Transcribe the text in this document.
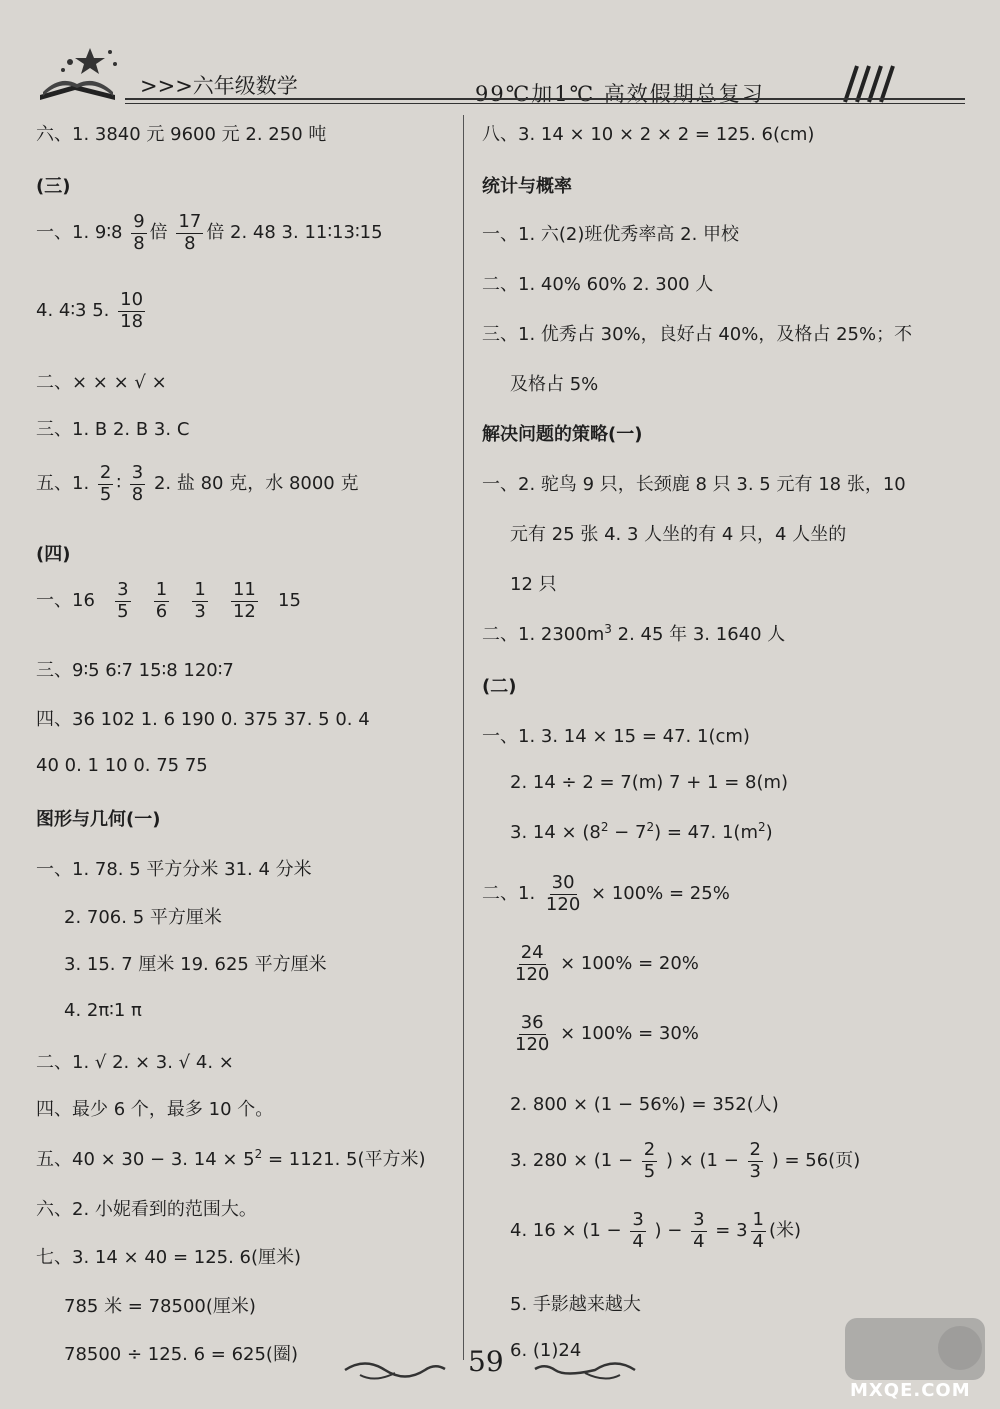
>>>六年级数学	99℃加1℃ 高效假期总复习
六、1. 3840 元 9600 元 2. 250 吨
(三)
一、1. 9∶8 $\frac{9}{8}$ 倍 $\frac{17}{8}$ 倍 2. 48 3. 11∶13∶15
4. 4∶3 5. $\frac{10}{18}$
二、× × × √ ×
三、1. B 2. B 3. C
五、1. $\frac{2}{5}$ ∶ $\frac{3}{8} 2$. 盐 80 克，水 8000 克
(四)
一、$16 \frac{3}{5}$
$\frac{1}{6}$
$\frac{1}{3}$
$\frac{11}{12} 15$
三、9∶5 6∶7 15∶8 120∶7
四、36 102 1. 6 190 0. 375 37. 5 0. 4
40 0. 1 10 0. 75 75
图形与几何(一)
一、1. 78. 5 平方分米 31. 4 分米
2. 706. 5 平方厘米
3. 15. 7 厘米 19. 625 平方厘米
4. 2π∶1 π
二、1. √ 2. × 3. √ 4. ×
四、最少 6 个，最多 10 个。
五、40 × 30 − 3. $14 \times 5^2 = 1121$. 5(平方米)
六、2. 小妮看到的范围大。
七、3. 14 × 40 = 125. 6(厘米)
785 米 = 78500(厘米)
78500 ÷ 125. 6 = 625(圈)
八、3. 14 × 10 × 2 × 2 = 125. 6(cm)
统计与概率
一、1. 六(2)班优秀率高 2. 甲校
二、1. 40% 60% 2. 300 人
三、1. 优秀占 30%，良好占 40%，及格占 25%；不
及格占 5%
解决问题的策略(一)
一、2. 驼鸟 9 只，长颈鹿 8 只 3. 5 元有 18 张，10
元有 25 张 4. 3 人坐的有 4 只，4 人坐的
12 只
二、1. $2300m^3$ 2. 45 年 3. 1640 人
(二)
一、1. 3. 14 × 15 = 47. 1(cm)
2. 14 ÷ 2 = 7(m) 7 + 1 = 8(m)
3. $14 \times (8^2 - 7^2) = 47$. $1(m^2)$
二、1. $\frac{30}{120} \times 100\% = 25\%$
$\frac{24}{120} \times 100\% = 20\%$
$\frac{36}{120} \times 100\% = 30\%$
2. 800 × (1 − 56%) = 352(人)
3. $280 \times (1 - \frac{2}{5}$ ) × ($1 - \frac{2}{3}$ ) = 56(页)
4. $16 \times (1 - \frac{3}{4}$ ) − $\frac{3}{4} = 3 \frac{1}{4}$ (米)
5. 手影越来越大
6. (1)24
59
MXQE.COM
